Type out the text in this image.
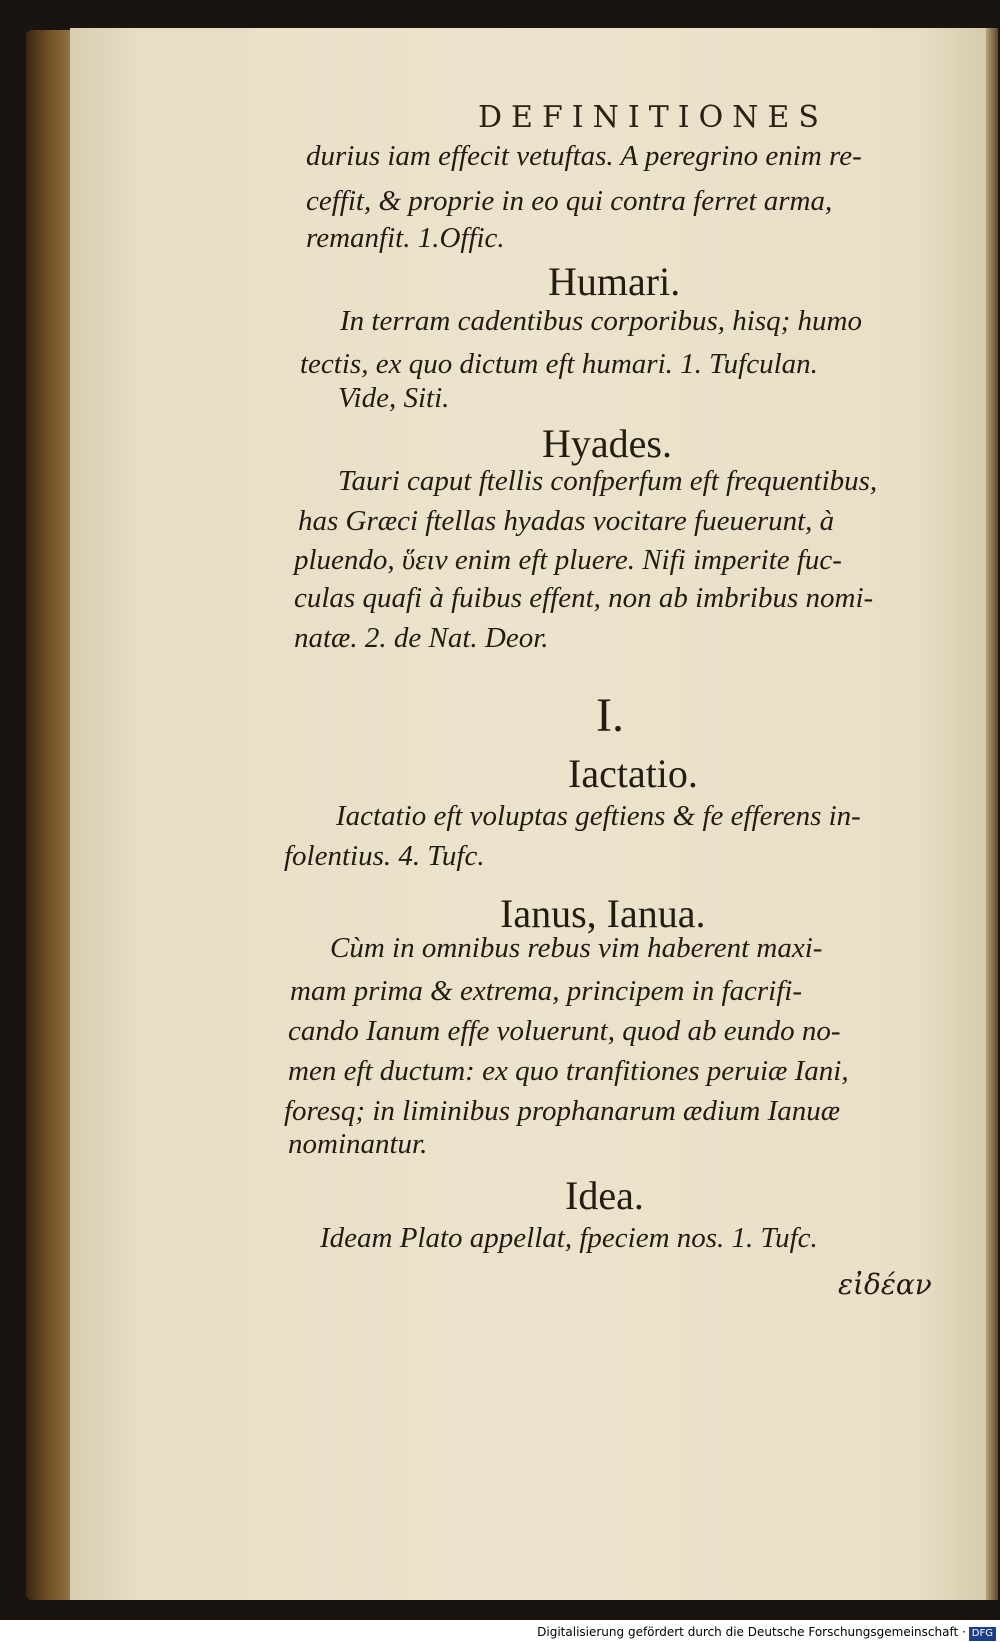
DEFINITIONES
durius iam effecit vetuftas. A peregrino enim re-
ceffit, & proprie in eo qui contra ferret arma,
remanfit. 1.Offic.
Humari.
In terram cadentibus corporibus, hisq; humo
tectis, ex quo dictum eft humari. 1. Tufculan.
Vide, Siti.
Hyades.
Tauri caput ftellis confperfum eft frequentibus,
has Græci ftellas hyadas vocitare fueuerunt, à
pluendo, ὕειν enim eft pluere. Nifi imperite fuc-
culas quafi à fuibus effent, non ab imbribus nomi-
natæ. 2. de Nat. Deor.
I.
Iactatio.
Iactatio eft voluptas geftiens & fe efferens in-
folentius. 4. Tufc.
Ianus, Ianua.
Cùm in omnibus rebus vim haberent maxi-
mam prima & extrema, principem in facrifi-
cando Ianum effe voluerunt, quod ab eundo no-
men eft ductum: ex quo tranfitiones peruiæ Iani,
foresq; in liminibus prophanarum ædium Ianuæ
nominantur.
Idea.
Ideam Plato appellat, fpeciem nos. 1. Tufc.
εἰδέαν
Digitalisierung gefördert durch die Deutsche Forschungsgemeinschaft · DFG
